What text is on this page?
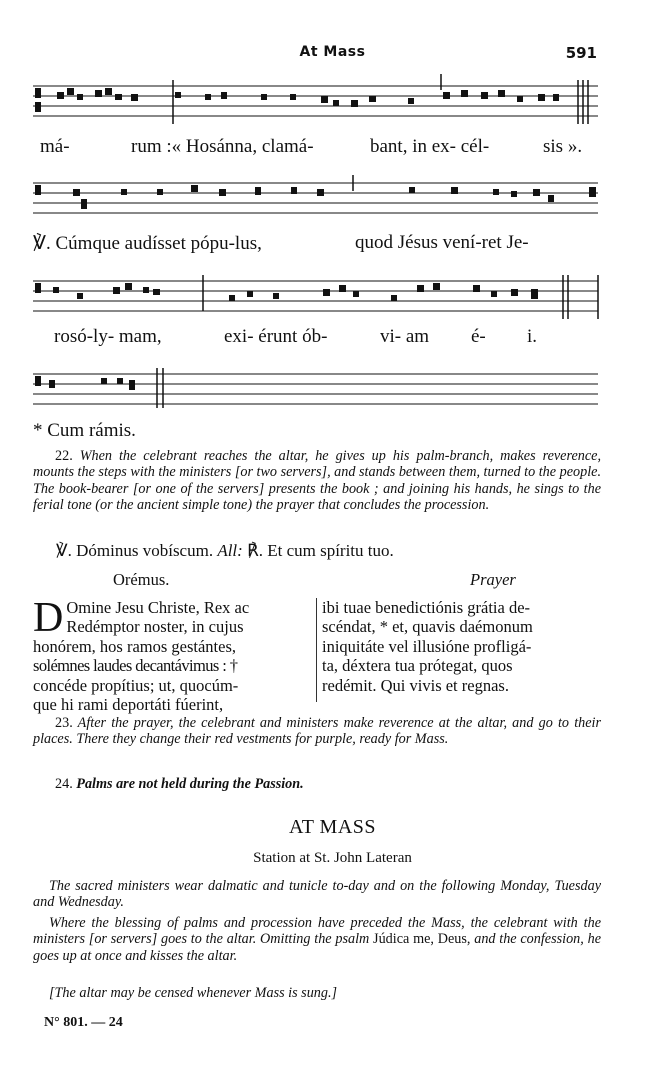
At Mass	591
má-	rum :« Hosánna, clamá-	bant, in ex- cél-	sis ».
℣. Cúmque audísset pópu-lus,	quod Jésus vení-ret Je-
rosó-ly- mam,	exi- érunt ób-	vi- am é- i.
* Cum rámis.
22. When the celebrant reaches the altar, he gives up his palm-branch, makes reverence, mounts the steps with the ministers [or two servers], and stands between them, turned to the people. The book-bearer [or one of the servers] presents the book ; and joining his hands, he sings to the ferial tone (or the ancient simple tone) the prayer that concludes the procession.
℣. Dóminus vobíscum. All: ℟. Et cum spíritu tuo.
Orémus.	Prayer
D Omine Jesu Christe, Rex ac
Redémptor noster, in cujus
honórem, hos ramos gestántes,
solémnes laudes decantávimus : †
concéde propítius; ut, quocúm-
que hi rami deportáti fúerint,
ibi tuae benedictiónis grátia de-
scéndat, * et, quavis daémonum
iniquitáte vel illusióne profligá-
ta, déxtera tua prótegat, quos
redémit. Qui vivis et regnas.
23. After the prayer, the celebrant and ministers make reverence at the altar, and go to their places. There they change their red vestments for purple, ready for Mass.
24. Palms are not held during the Passion.
AT MASS
Station at St. John Lateran
The sacred ministers wear dalmatic and tunicle to-day and on the following Monday, Tuesday and Wednesday.
Where the blessing of palms and procession have preceded the Mass, the celebrant with the ministers [or servers] goes to the altar. Omitting the psalm Júdica me, Deus, and the confession, he goes up at once and kisses the altar.
[The altar may be censed whenever Mass is sung.]
N° 801. — 24
